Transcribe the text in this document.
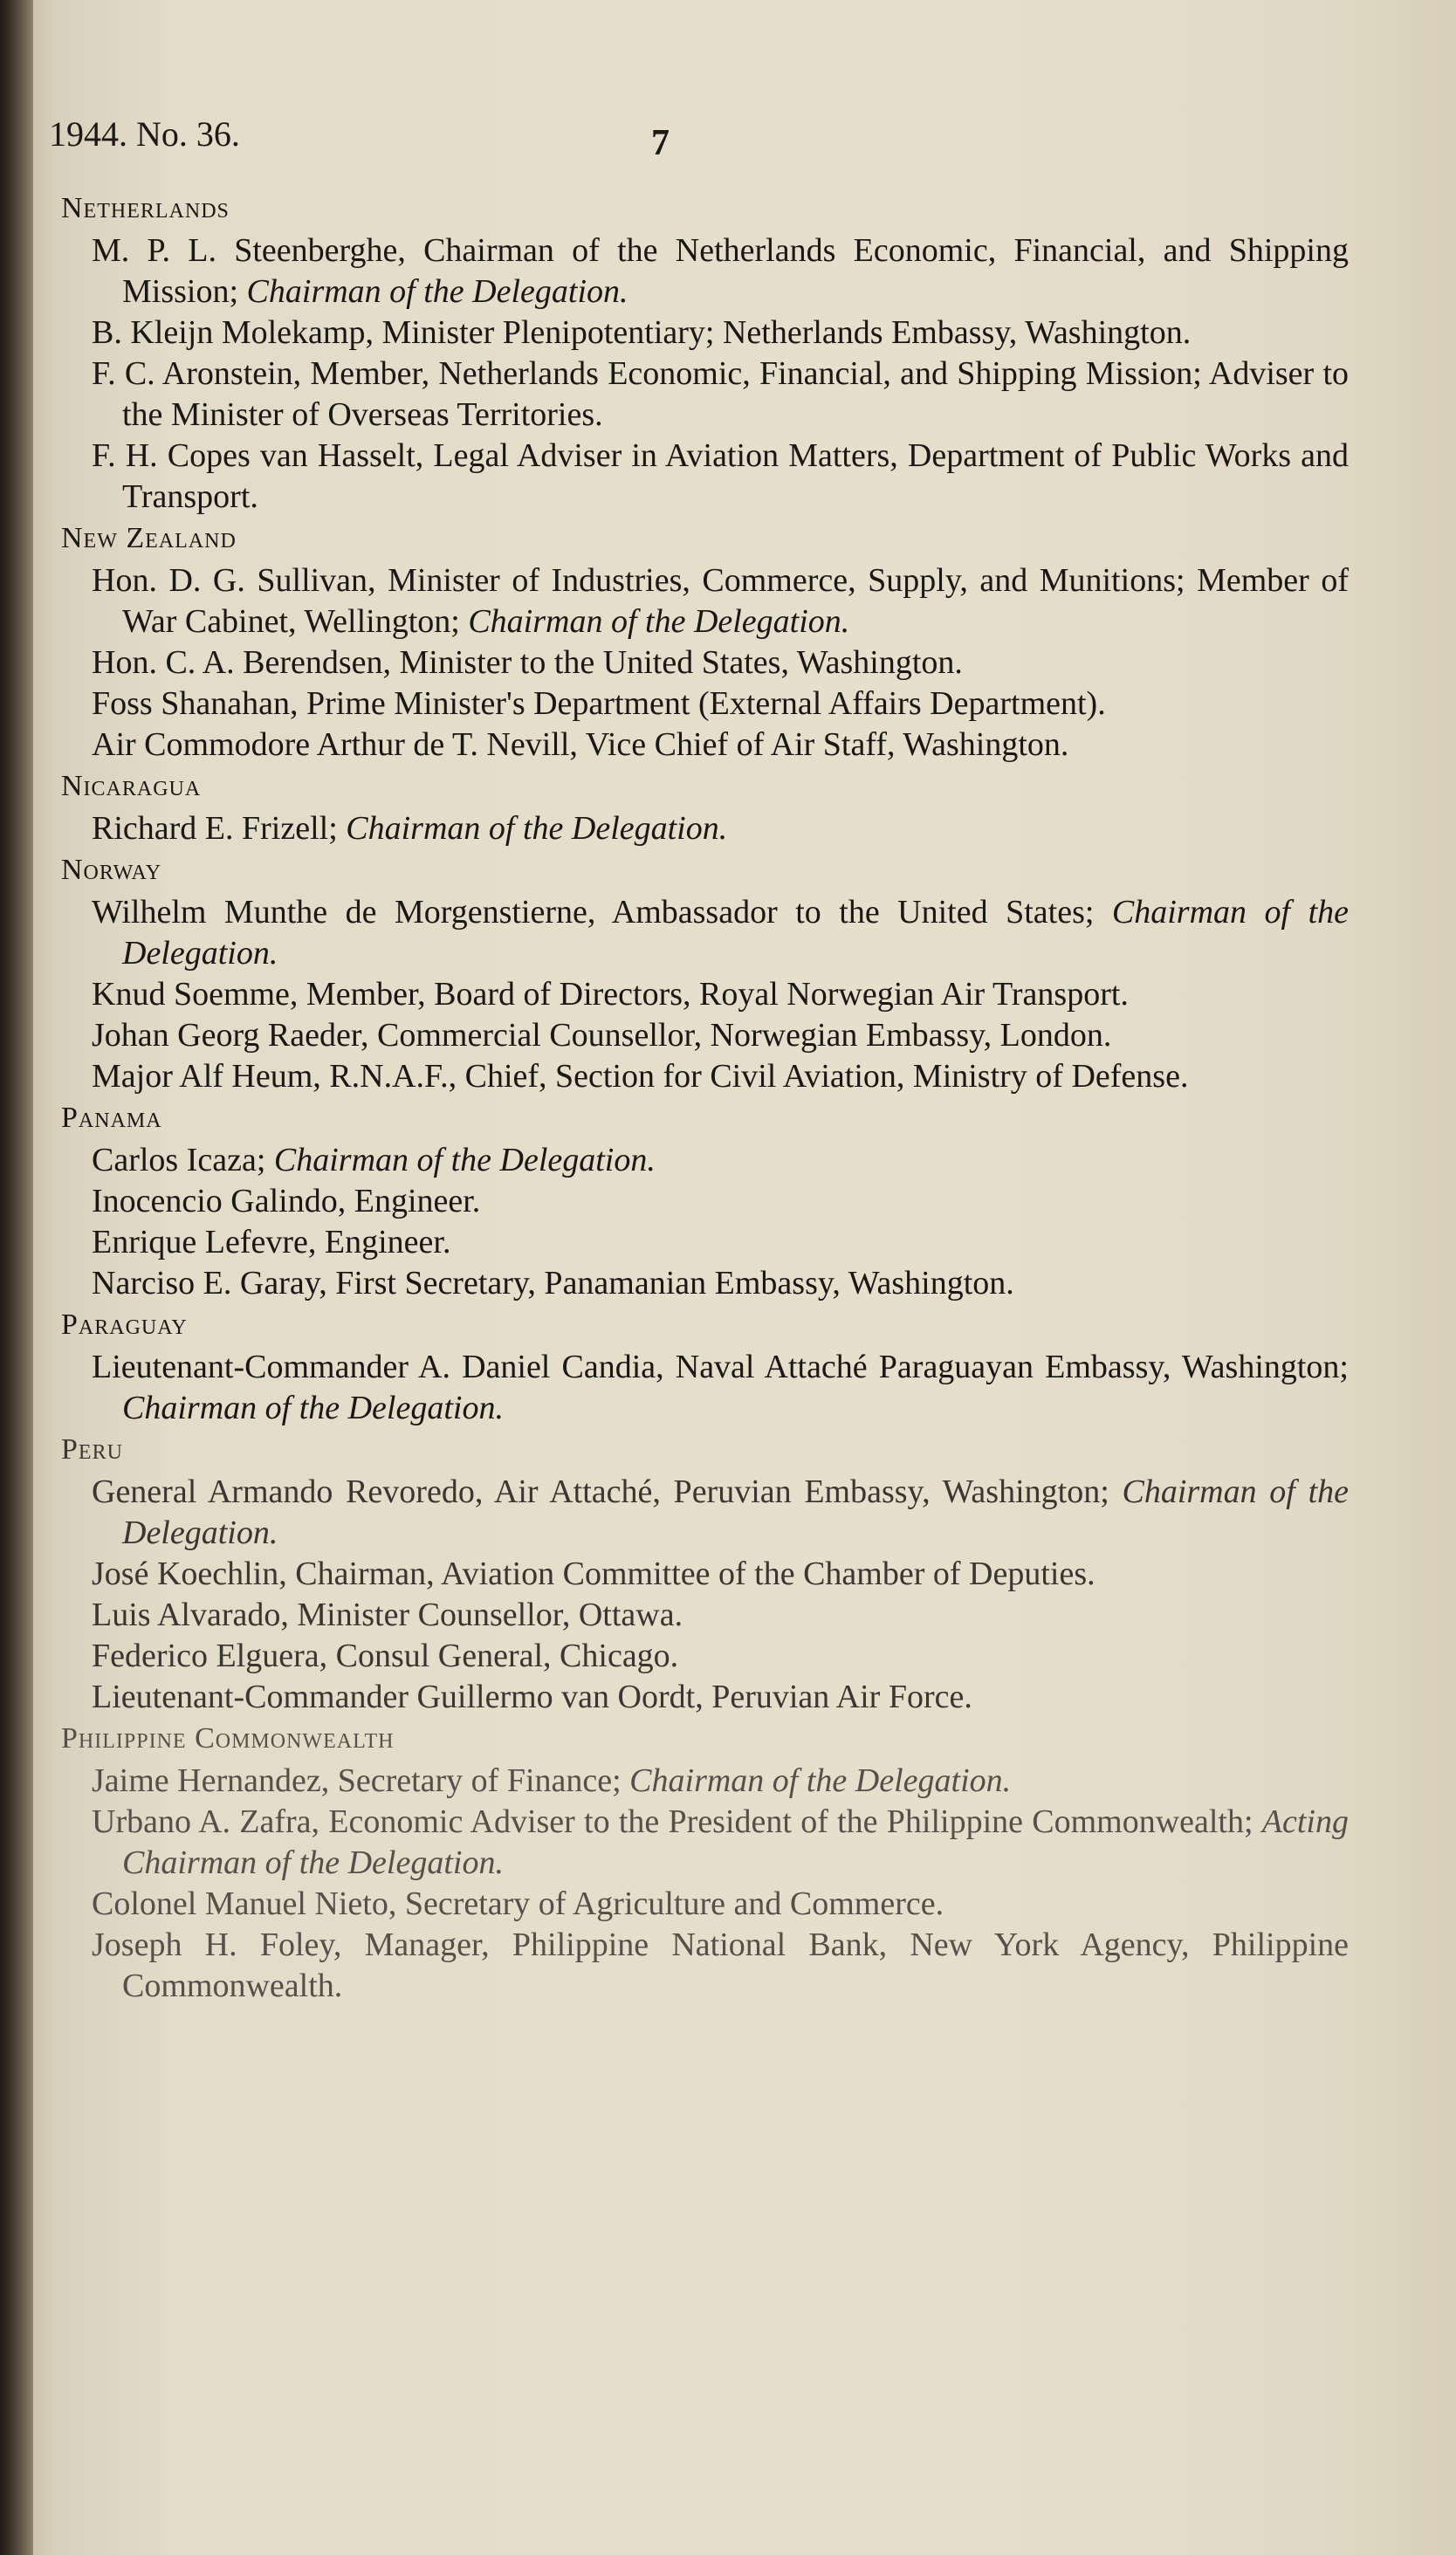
1944. No. 36.	7
Netherlands

M. P. L. Steenberghe, Chairman of the Netherlands Economic, Financial, and Shipping Mission; Chairman of the Delegation.

B. Kleijn Molekamp, Minister Plenipotentiary; Netherlands Embassy, Washington.

F. C. Aronstein, Member, Netherlands Economic, Financial, and Shipping Mission; Adviser to the Minister of Overseas Territories.

F. H. Copes van Hasselt, Legal Adviser in Aviation Matters, Department of Public Works and Transport.

New Zealand

Hon. D. G. Sullivan, Minister of Industries, Commerce, Supply, and Munitions; Member of War Cabinet, Wellington; Chairman of the Delegation.

Hon. C. A. Berendsen, Minister to the United States, Washington.

Foss Shanahan, Prime Minister's Department (External Affairs Department).

Air Commodore Arthur de T. Nevill, Vice Chief of Air Staff, Washington.

Nicaragua

Richard E. Frizell; Chairman of the Delegation.

Norway

Wilhelm Munthe de Morgenstierne, Ambassador to the United States; Chairman of the Delegation.

Knud Soemme, Member, Board of Directors, Royal Norwegian Air Transport.

Johan Georg Raeder, Commercial Counsellor, Norwegian Embassy, London.

Major Alf Heum, R.N.A.F., Chief, Section for Civil Aviation, Ministry of Defense.

Panama

Carlos Icaza; Chairman of the Delegation.

Inocencio Galindo, Engineer.

Enrique Lefevre, Engineer.

Narciso E. Garay, First Secretary, Panamanian Embassy, Washington.

Paraguay

Lieutenant-Commander A. Daniel Candia, Naval Attaché Paraguayan Embassy, Washington; Chairman of the Delegation.

Peru

General Armando Revoredo, Air Attaché, Peruvian Embassy, Washington; Chairman of the Delegation.

José Koechlin, Chairman, Aviation Committee of the Chamber of Deputies.

Luis Alvarado, Minister Counsellor, Ottawa.

Federico Elguera, Consul General, Chicago.

Lieutenant-Commander Guillermo van Oordt, Peruvian Air Force.

Philippine Commonwealth

Jaime Hernandez, Secretary of Finance; Chairman of the Delegation.

Urbano A. Zafra, Economic Adviser to the President of the Philippine Commonwealth; Acting Chairman of the Delegation.

Colonel Manuel Nieto, Secretary of Agriculture and Commerce.

Joseph H. Foley, Manager, Philippine National Bank, New York Agency, Philippine Commonwealth.
